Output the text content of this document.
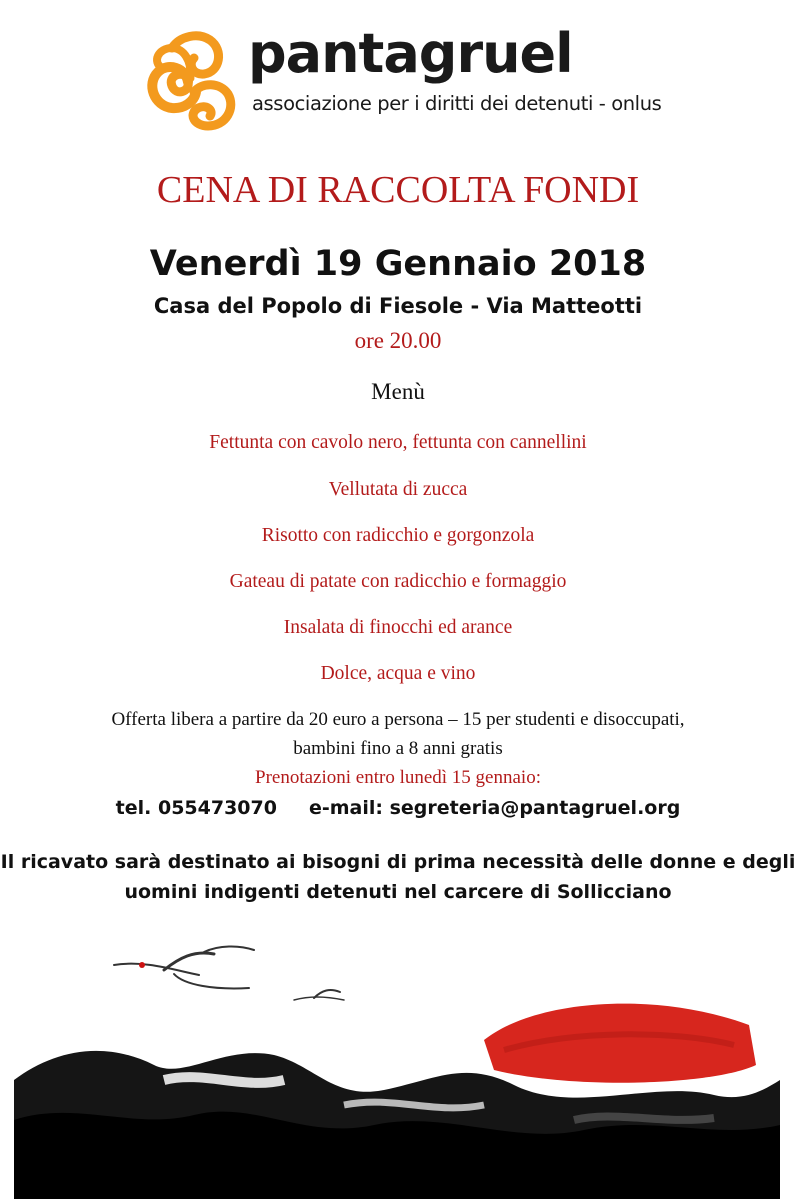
pantagruel
associazione per i diritti dei detenuti - onlus
CENA DI RACCOLTA FONDI
Venerdì 19 Gennaio 2018
Casa del Popolo di Fiesole - Via Matteotti
ore 20.00
Menù
Fettunta con cavolo nero, fettunta con cannellini
Vellutata di zucca
Risotto con radicchio e gorgonzola
Gateau di patate con radicchio e formaggio
Insalata di finocchi ed arance
Dolce, acqua e vino
Offerta libera a partire da 20 euro a persona – 15 per studenti e disoccupati,
bambini fino a 8 anni gratis
Prenotazioni entro lunedì 15 gennaio:
tel. 055473070 e-mail: segreteria@pantagruel.org
Il ricavato sarà destinato ai bisogni di prima necessità delle donne e degli
uomini indigenti detenuti nel carcere di Sollicciano
